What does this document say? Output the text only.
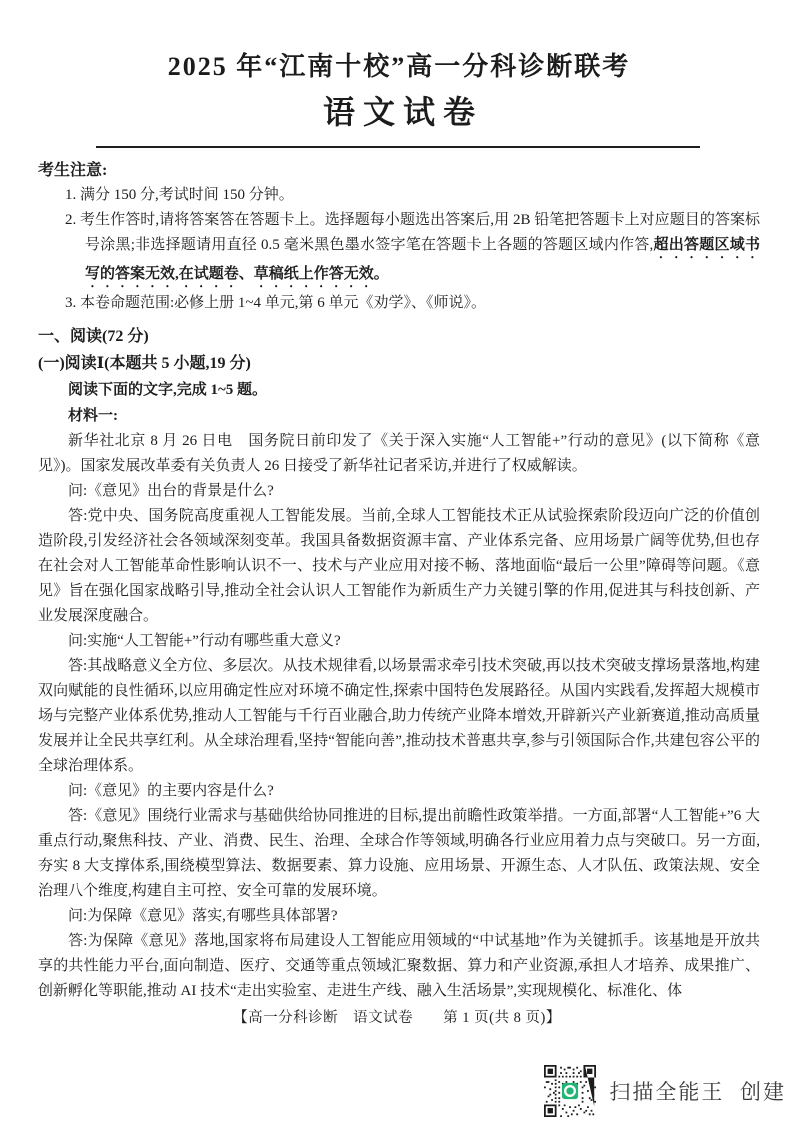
2025 年“江南十校”高一分科诊断联考
语文试卷
考生注意:

1. 满分 150 分,考试时间 150 分钟。

2. 考生作答时,请将答案答在答题卡上。选择题每小题选出答案后,用 2B 铅笔把答题卡上对应题目的答案标号涂黑;非选择题请用直径 0.5 毫米黑色墨水签字笔在答题卡上各题的答题区域内作答,超出答题区域书写的答案无效,在试题卷、草稿纸上作答无效。

3. 本卷命题范围:必修上册 1~4 单元,第 6 单元《劝学》、《师说》。

一、阅读(72 分)
(一)阅读Ⅰ(本题共 5 小题,19 分)

阅读下面的文字,完成 1~5 题。

材料一:

新华社北京 8 月 26 日电　国务院日前印发了《关于深入实施“人工智能+”行动的意见》(以下简称《意见》)。国家发展改革委有关负责人 26 日接受了新华社记者采访,并进行了权威解读。

问:《意见》出台的背景是什么?

答:党中央、国务院高度重视人工智能发展。当前,全球人工智能技术正从试验探索阶段迈向广泛的价值创造阶段,引发经济社会各领域深刻变革。我国具备数据资源丰富、产业体系完备、应用场景广阔等优势,但也存在社会对人工智能革命性影响认识不一、技术与产业应用对接不畅、落地面临“最后一公里”障碍等问题。《意见》旨在强化国家战略引导,推动全社会认识人工智能作为新质生产力关键引擎的作用,促进其与科技创新、产业发展深度融合。

问:实施“人工智能+”行动有哪些重大意义?

答:其战略意义全方位、多层次。从技术规律看,以场景需求牵引技术突破,再以技术突破支撑场景落地,构建双向赋能的良性循环,以应用确定性应对环境不确定性,探索中国特色发展路径。从国内实践看,发挥超大规模市场与完整产业体系优势,推动人工智能与千行百业融合,助力传统产业降本增效,开辟新兴产业新赛道,推动高质量发展并让全民共享红利。从全球治理看,坚持“智能向善”,推动技术普惠共享,参与引领国际合作,共建包容公平的全球治理体系。

问:《意见》的主要内容是什么?

答:《意见》围绕行业需求与基础供给协同推进的目标,提出前瞻性政策举措。一方面,部署“人工智能+”6 大重点行动,聚焦科技、产业、消费、民生、治理、全球合作等领域,明确各行业应用着力点与突破口。另一方面,夯实 8 大支撑体系,围绕模型算法、数据要素、算力设施、应用场景、开源生态、人才队伍、政策法规、安全治理八个维度,构建自主可控、安全可靠的发展环境。

问:为保障《意见》落实,有哪些具体部署?

答:为保障《意见》落地,国家将布局建设人工智能应用领域的“中试基地”作为关键抓手。该基地是开放共享的共性能力平台,面向制造、医疗、交通等重点领域汇聚数据、算力和产业资源,承担人才培养、成果推广、创新孵化等职能,推动 AI 技术“走出实验室、走进生产线、融入生活场景”,实现规模化、标准化、体

【高一分科诊断　语文试卷　　第 1 页(共 8 页)】
扫描全能王  创建
